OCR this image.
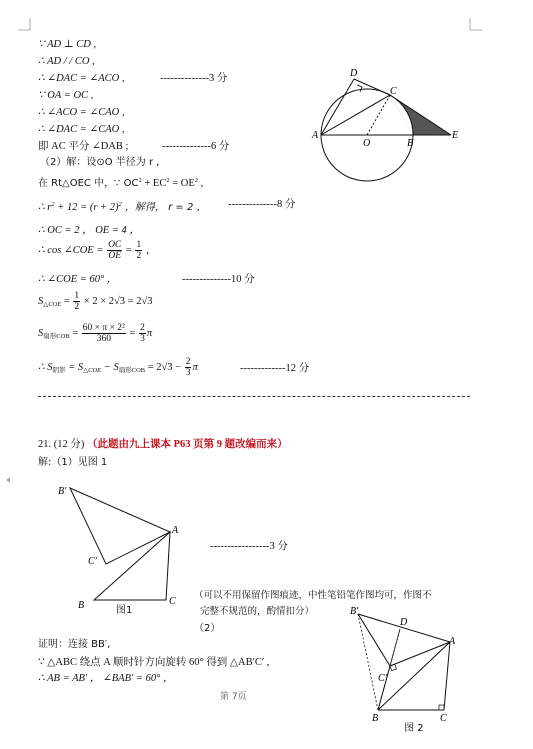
∵ AD ⊥ CD ,
∴ AD / / CO ,
∴ ∠DAC = ∠ACO ,	--------------3 分
∵ OA = OC ,
∴ ∠ACO = ∠CAO ,
∴ ∠DAC = ∠CAO ,
即 AC 平分 ∠DAB ;	--------------6 分
（2）解：设⊙O 半径为 r ,
在 Rt△OEC 中，∵ $OC^2 + EC^2 = OE^2$ ,
∴ $r^2 + 12 = (r + 2)^2$ ，解得， r = 2 ， --------------8 分
∴ OC = 2 ， OE = 4 ，
∴ cos ∠COE = $\frac{OC}{OE} = \frac{1}{2}$ ，
∴ ∠COE = 60° ，	--------------10 分
$S_{\triangle COE} = \frac{1}{2} \times 2 \times 2√3 = 2√3$
$S_{扇形COB} = \frac{\text{60 × π × 2²}}{360} = \frac{2}{3}$ π
∴ $S_{阴影} = S_{\triangle COE} - S_{扇形COB} = 2√3 - \frac{2}{3}$ π	-------------12 分
D
C
A
O	B
E
21. (12 分) （此题由九上课本 P63 页第 9 题改编而来）
解:（1）见图 1
B′
A
C′
B	C
图1
-----------------3 分
（可以不用保留作图痕迹，中性笔铅笔作图均可，作图不
完整不规范的，酌情扣分）
（2）
证明：连接 BB′,
∵ △ABC 绕点 A 顺时针方向旋转 60° 得到 △AB′C′ ,
∴ AB = AB′ ， ∠BAB′ = 60° ，
第 7页
B′
D
A
C′
B	C
图 2
